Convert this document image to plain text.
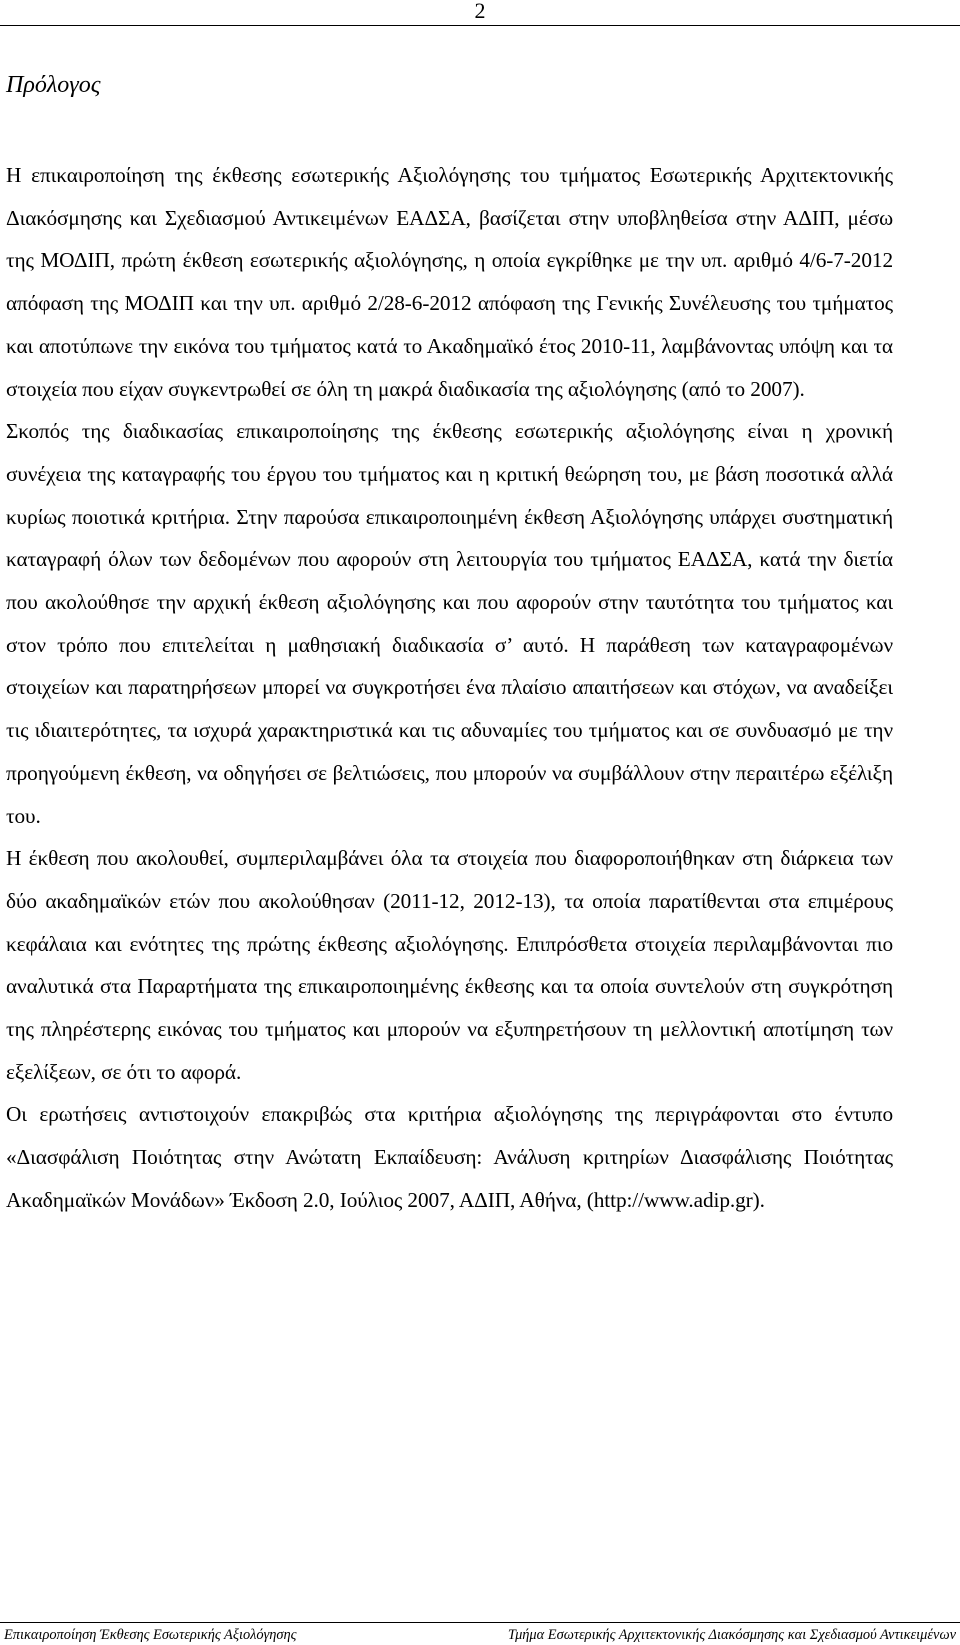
2
Πρόλογος

Η επικαιροποίηση της έκθεσης εσωτερικής Αξιολόγησης του τμήματος Εσωτερικής Αρχιτεκτονικής Διακόσμησης και Σχεδιασμού Αντικειμένων ΕΑΔΣΑ, βασίζεται στην υποβληθείσα στην ΑΔΙΠ, μέσω της ΜΟΔΙΠ, πρώτη έκθεση εσωτερικής αξιολόγησης, η οποία εγκρίθηκε με την υπ. αριθμό 4/6-7-2012 απόφαση της ΜΟΔΙΠ και την υπ. αριθμό 2/28-6-2012 απόφαση της Γενικής Συνέλευσης του τμήματος και αποτύπωνε την εικόνα του τμήματος κατά το Ακαδημαϊκό έτος 2010-11, λαμβάνοντας υπόψη και τα στοιχεία που είχαν συγκεντρωθεί σε όλη τη μακρά διαδικασία της αξιολόγησης (από το 2007).

Σκοπός της διαδικασίας επικαιροποίησης της έκθεσης εσωτερικής αξιολόγησης είναι η χρονική συνέχεια της καταγραφής του έργου του τμήματος και η κριτική θεώρηση του, με βάση ποσοτικά αλλά κυρίως ποιοτικά κριτήρια. Στην παρούσα επικαιροποιημένη έκθεση Αξιολόγησης υπάρχει συστηματική καταγραφή όλων των δεδομένων που αφορούν στη λειτουργία του τμήματος ΕΑΔΣΑ, κατά την διετία που ακολούθησε την αρχική έκθεση αξιολόγησης και που αφορούν στην ταυτότητα του τμήματος και στον τρόπο που επιτελείται η μαθησιακή διαδικασία σ’ αυτό. Η παράθεση των καταγραφομένων στοιχείων και παρατηρήσεων μπορεί να συγκροτήσει ένα πλαίσιο απαιτήσεων και στόχων, να αναδείξει τις ιδιαιτερότητες, τα ισχυρά χαρακτηριστικά και τις αδυναμίες του τμήματος και σε συνδυασμό με την προηγούμενη έκθεση, να οδηγήσει σε βελτιώσεις, που μπορούν να συμβάλλουν στην περαιτέρω εξέλιξη του.

Η έκθεση που ακολουθεί, συμπεριλαμβάνει όλα τα στοιχεία που διαφοροποιήθηκαν στη διάρκεια των δύο ακαδημαϊκών ετών που ακολούθησαν (2011-12, 2012-13), τα οποία παρατίθενται στα επιμέρους κεφάλαια και ενότητες της πρώτης έκθεσης αξιολόγησης. Επιπρόσθετα στοιχεία περιλαμβάνονται πιο αναλυτικά στα Παραρτήματα της επικαιροποιημένης έκθεσης και τα οποία συντελούν στη συγκρότηση της πληρέστερης εικόνας του τμήματος και μπορούν να εξυπηρετήσουν τη μελλοντική αποτίμηση των εξελίξεων, σε ότι το αφορά.

Οι ερωτήσεις αντιστοιχούν επακριβώς στα κριτήρια αξιολόγησης της περιγράφονται στο έντυπο «Διασφάλιση Ποιότητας στην Ανώτατη Εκπαίδευση: Ανάλυση κριτηρίων Διασφάλισης Ποιότητας Ακαδημαϊκών Μονάδων» Έκδοση 2.0, Ιούλιος 2007, ΑΔΙΠ, Αθήνα, (http://www.adip.gr).

Επικαιροποίηση Έκθεσης Εσωτερικής Αξιολόγησης	Τμήμα Εσωτερικής Αρχιτεκτονικής Διακόσμησης και Σχεδιασμού Αντικειμένων
